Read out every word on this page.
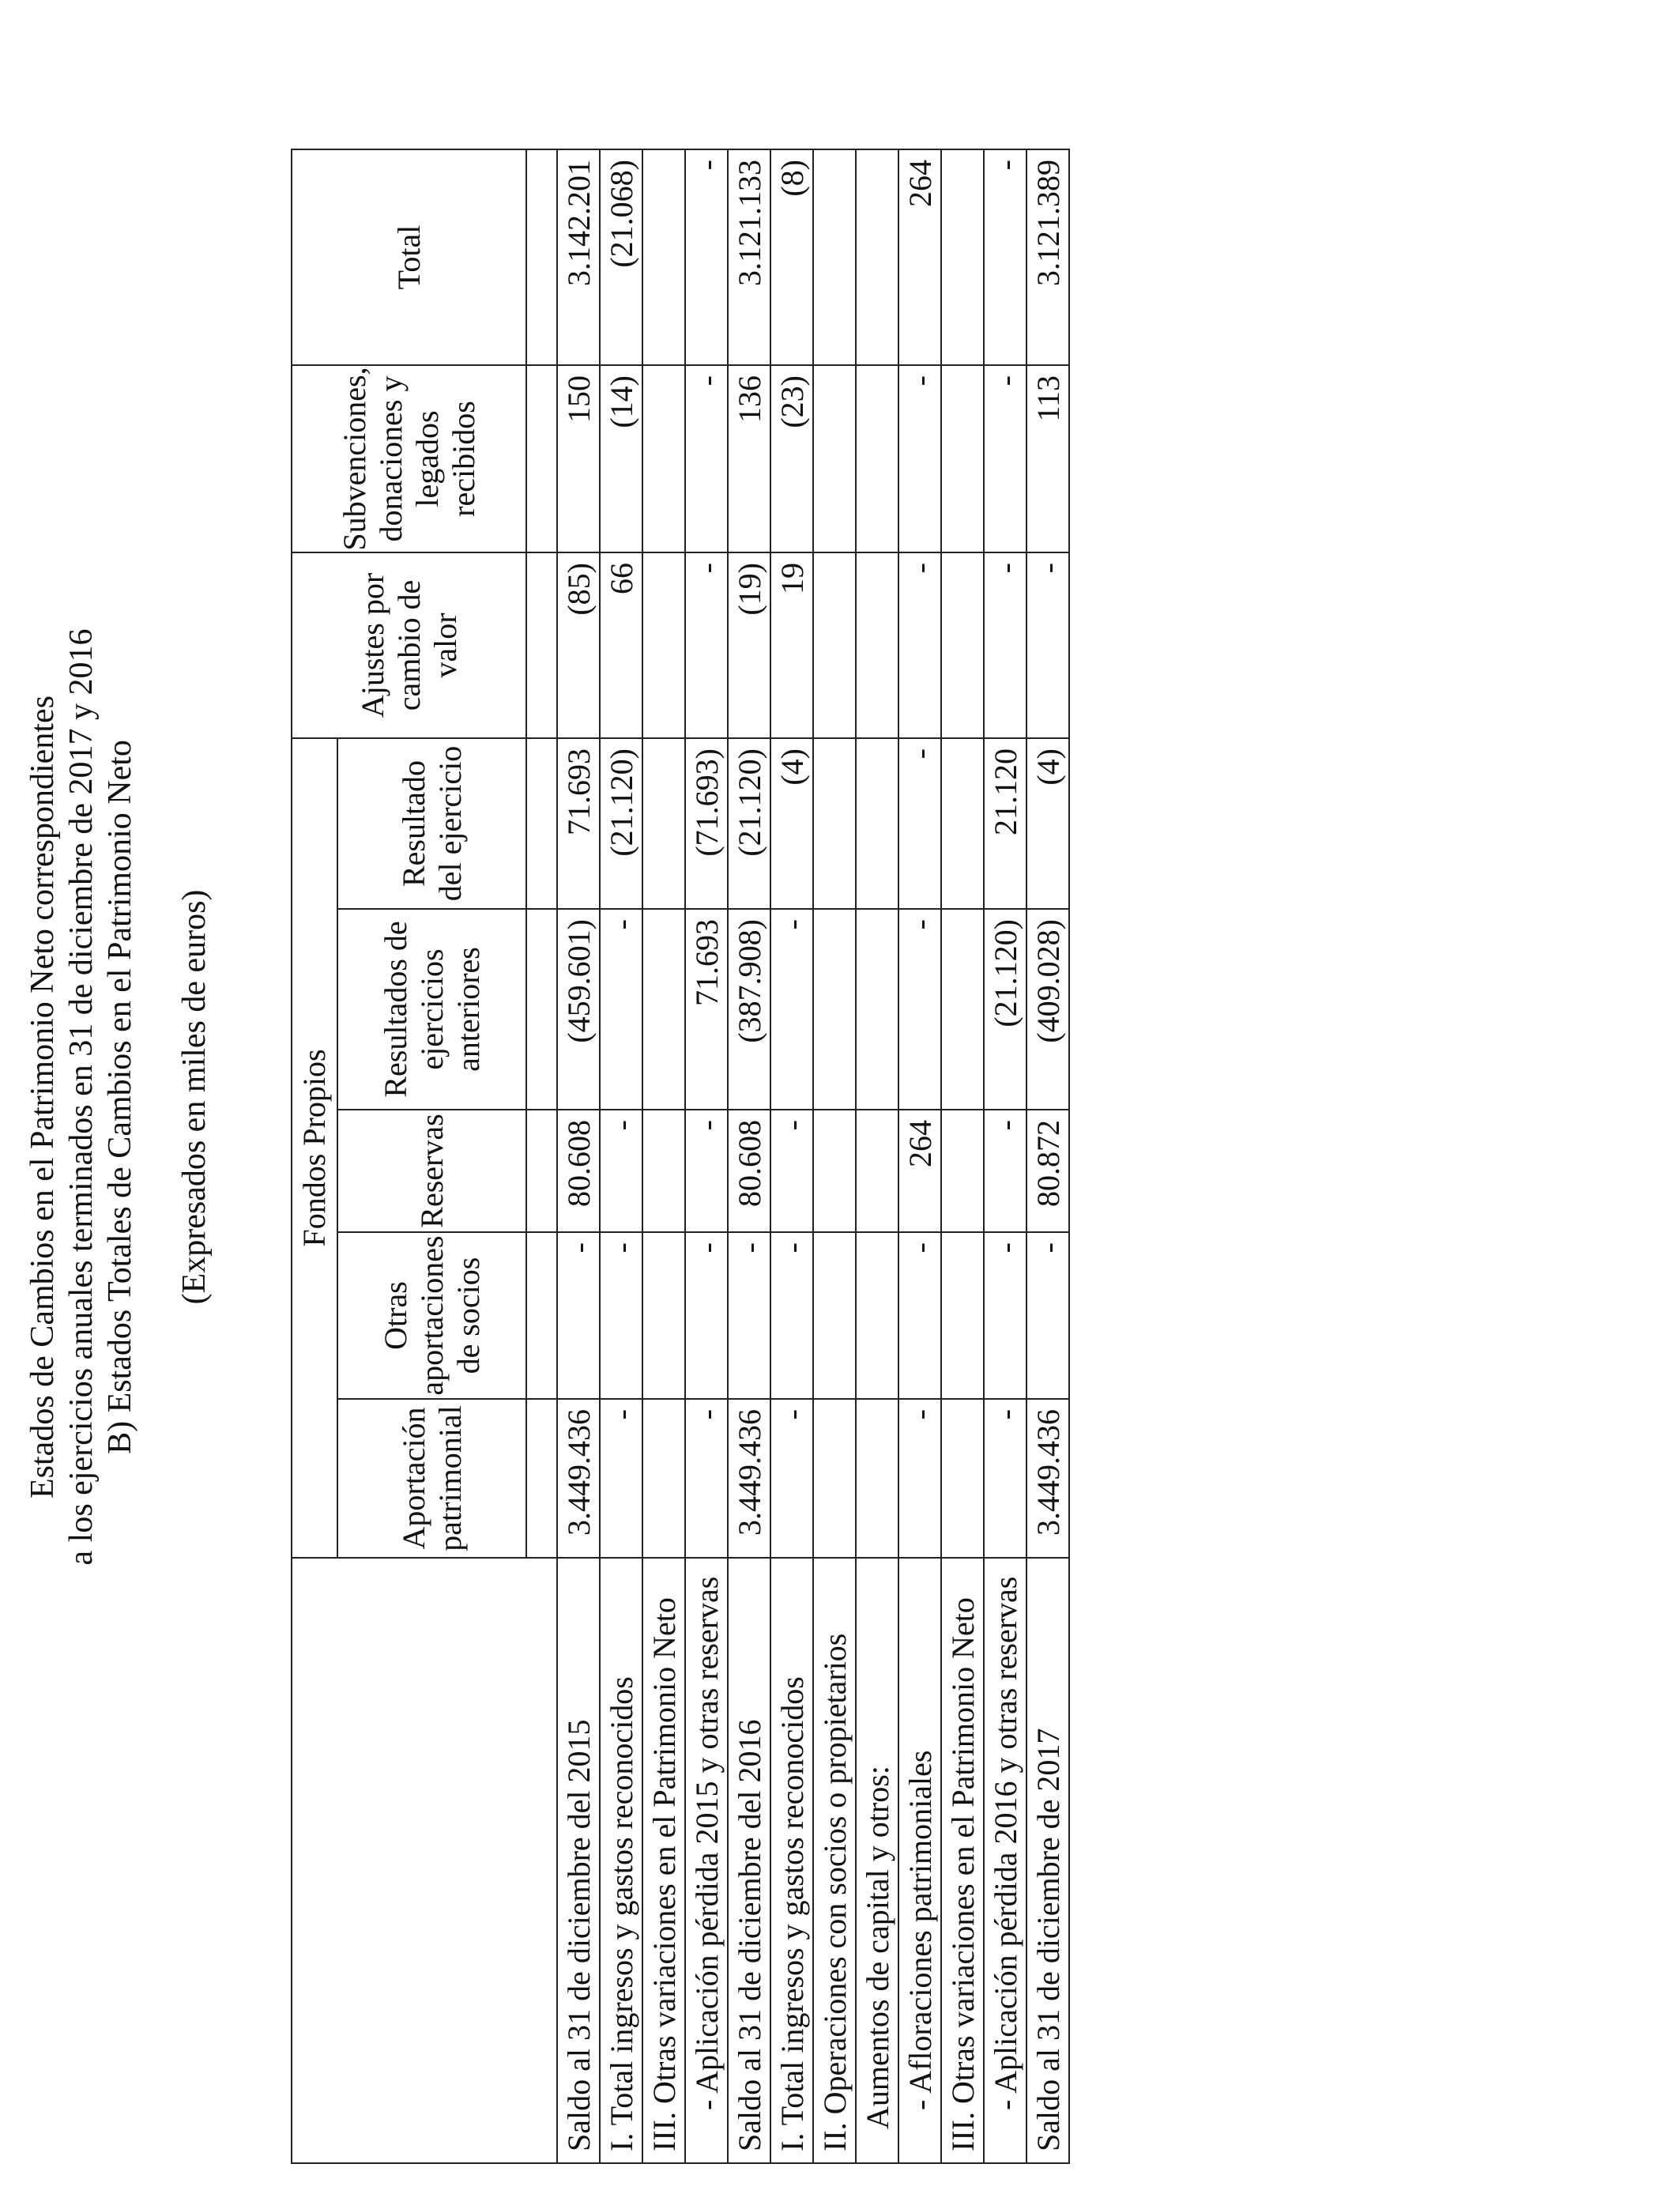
Estados de Cambios en el Patrimonio Neto correspondientes a los ejercicios anuales terminados en 31 de diciembre de 2017 y 2016 B) Estados Totales de Cambios en el Patrimonio Neto (Expresados en miles de euros)
		Fondos Propios					Ajustes por cambio de valor	Subvenciones, donaciones y legados recibidos	Total
	Aportación patrimonial	Otras aportaciones de socios	Reservas	Resultados de ejercicios anteriores	Resultado del ejercicio			

Saldo al 31 de diciembre del 2015	3.449.436	-	80.608	(459.601)	71.693	(85)	150	3.142.201
I. Total ingresos y gastos reconocidos	-	-	-	-	(21.120)	66	(14)	(21.068)
III. Otras variaciones en el Patrimonio Neto								
- Aplicación pérdida 2015 y otras reservas	-	-	-	71.693	(71.693)	-	-	-
Saldo al 31 de diciembre del 2016	3.449.436	-	80.608	(387.908)	(21.120)	(19)	136	3.121.133
I. Total ingresos y gastos reconocidos	-	-	-	-	(4)	19	(23)	(8)
II. Operaciones con socios o propietarios								
Aumentos de capital y otros:								
- Afloraciones patrimoniales	-	-	264	-	-	-	-	264
III. Otras variaciones en el Patrimonio Neto								
- Aplicación pérdida 2016 y otras reservas	-	-	-	(21.120)	21.120	-	-	-
Saldo al 31 de diciembre de 2017	3.449.436	-	80.872	(409.028)	(4)	-	113	3.121.389
